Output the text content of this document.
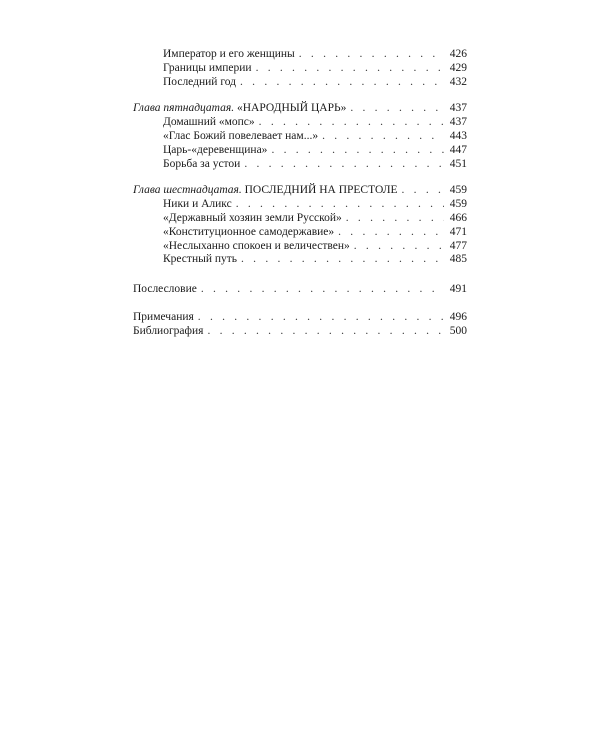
Император и его женщины . . .	426
Границы империи . . .	429
Последний год . . .	432
Глава пятнадцатая. «НАРОДНЫЙ ЦАРЬ» . . .	437
Домашний «мопс» . . .	437
«Глас Божий повелевает нам...» . . .	443
Царь-«деревенщина» . . .	447
Борьба за устои . . .	451
Глава шестнадцатая. ПОСЛЕДНИЙ НА ПРЕСТОЛЕ . . .	459
Ники и Аликс . . .	459
«Державный хозяин земли Русской» . . .	466
«Конституционное самодержавие» . . .	471
«Неслыханно спокоен и величествен» . . .	477
Крестный путь . . .	485
Послесловие . . .	491
Примечания . . .	496
Библиография . . .	500
